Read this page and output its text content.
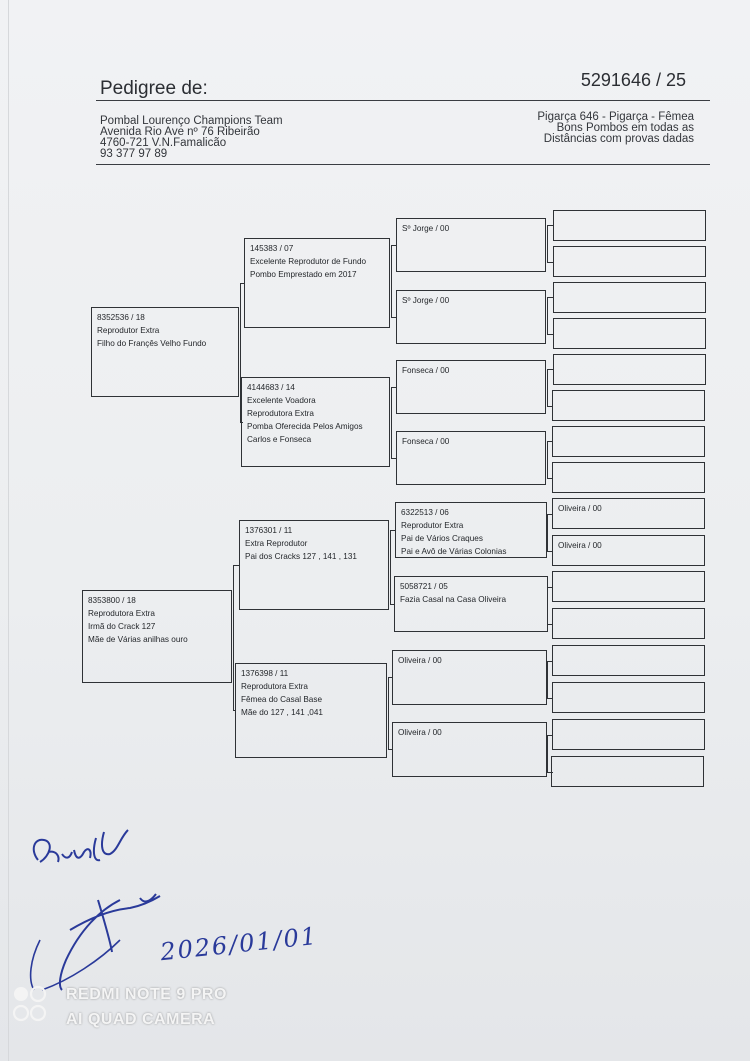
Pedigree de:	5291646 / 25
Pombal Lourenço Champions Team
Avenida Rio Ave nº 76 Ribeirão
4760-721 V.N.Famalicão
93 377 97 89
Pigarça 646 - Pigarça - Fêmea
Bons Pombos em todas as
Distâncias com provas dadas
8352536 / 18
Reprodutor Extra
Filho do Françês Velho Fundo
8353800 / 18
Reprodutora Extra
Irmã do Crack 127
Mãe de Várias anilhas ouro
145383 / 07
Excelente Reprodutor de Fundo
Pombo Emprestado em 2017
4144683 / 14
Excelente Voadora
Reprodutora Extra
Pomba Oferecida Pelos Amigos
Carlos e Fonseca
1376301 / 11
Extra Reprodutor
Pai dos Cracks 127 , 141 , 131
1376398 / 11
Reprodutora Extra
Fêmea do Casal Base
Mãe do 127 , 141 ,041
Sº Jorge / 00
Sº Jorge / 00
Fonseca / 00
Fonseca / 00
6322513 / 06
Reprodutor Extra
Pai de Vários Craques
Pai e Avô de Várias Colonias
5058721 / 05
Fazia Casal na Casa Oliveira
Oliveira / 00
Oliveira / 00
Oliveira / 00
Oliveira / 00
2026/01/01
REDMI NOTE 9 PRO
AI QUAD CAMERA
